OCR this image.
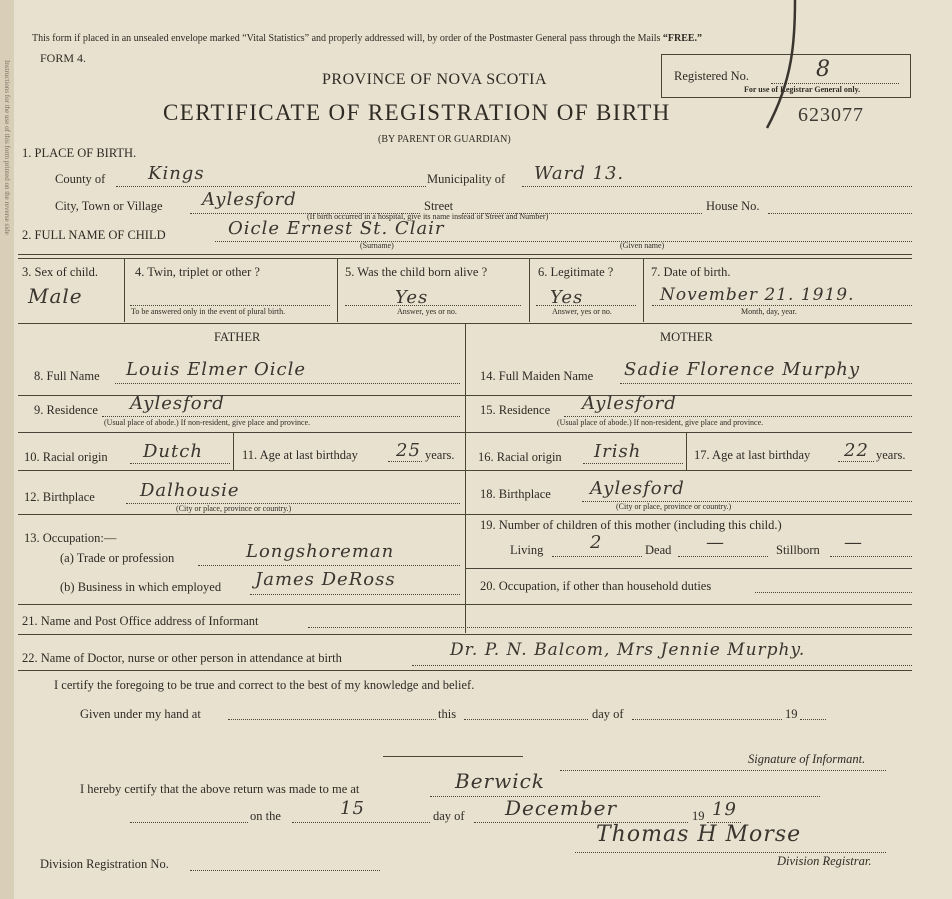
Instructions for the use of this form printed on the reverse side
This form if placed in an unsealed envelope marked “Vital Statistics” and properly addressed will, by order of the Postmaster General pass through the Mails “FREE.”
FORM 4.
PROVINCE OF NOVA SCOTIA
CERTIFICATE OF REGISTRATION OF BIRTH
(BY PARENT OR GUARDIAN)
Registered No.	8
For use of Registrar General only.
623077
1. PLACE OF BIRTH.
County of Kings	Municipality of Ward 13.
City, Town or Village Aylesford	Street	House No.
(If birth occurred in a hospital, give its name instead of Street and Number)
2. FULL NAME OF CHILD	Oicle Ernest St. Clair
(Surname)	(Given name)
3. Sex of child.
Male
4. Twin, triplet or other ?
To be answered only in the event of plural birth.
5. Was the child born alive ?
Yes
Answer, yes or no.
6. Legitimate ?
Yes
Answer, yes or no.
7. Date of birth.
November 21. 1919.
Month, day, year.
FATHER	MOTHER
8. Full Name Louis Elmer Oicle
9. Residence Aylesford
(Usual place of abode.) If non-resident, give place and province.
10. Racial origin Dutch	11. Age at last birthday 25 years.
12. Birthplace	Dalhousie
(City or place, province or country.)
13. Occupation:—
(a) Trade or profession	Longshoreman
(b) Business in which employed James DeRoss
14. Full Maiden Name Sadie Florence Murphy
15. Residence Aylesford
(Usual place of abode.) If non-resident, give place and province.
16. Racial origin Irish	17. Age at last birthday 22 years.
18. Birthplace Aylesford
(City or place, province or country.)
19. Number of children of this mother (including this child.)
Living	2	Dead —	Stillborn —
20. Occupation, if other than household duties
21. Name and Post Office address of Informant
22. Name of Doctor, nurse or other person in attendance at birth	Dr. P. N. Balcom, Mrs Jennie Murphy.
I certify the foregoing to be true and correct to the best of my knowledge and belief.
Given under my hand at	this	day of	19
Signature of Informant.
I hereby certify that the above return was made to me at	Berwick
on the	15	day of December	19 19
Thomas H Morse
Division Registrar.
Division Registration No.
